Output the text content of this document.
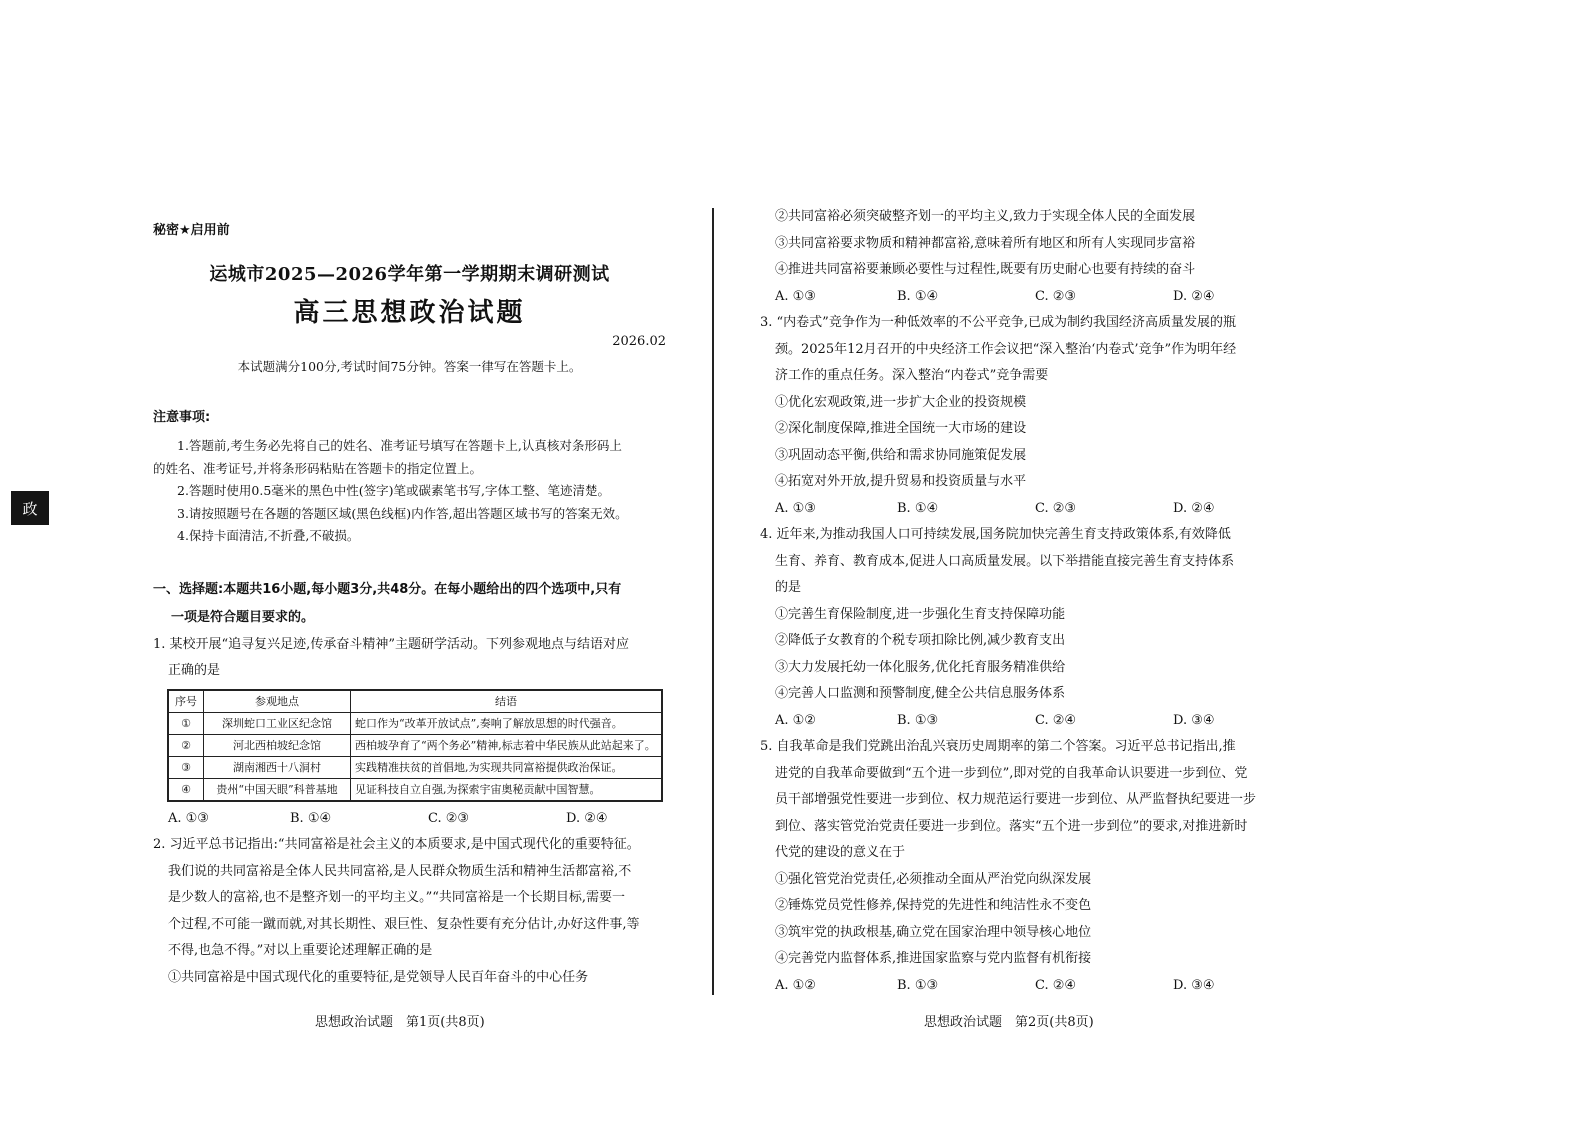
政
秘密★启用前
运城市2025—2026学年第一学期期末调研测试
高三思想政治试题
2026.02
本试题满分100分,考试时间75分钟。答案一律写在答题卡上。
注意事项:
1.答题前,考生务必先将自己的姓名、准考证号填写在答题卡上,认真核对条形码上
的姓名、准考证号,并将条形码粘贴在答题卡的指定位置上。
2.答题时使用0.5毫米的黑色中性(签字)笔或碳素笔书写,字体工整、笔迹清楚。
3.请按照题号在各题的答题区域(黑色线框)内作答,超出答题区域书写的答案无效。
4.保持卡面清洁,不折叠,不破损。
一、选择题:本题共16小题,每小题3分,共48分。在每小题给出的四个选项中,只有
一项是符合题目要求的。
1. 某校开展“追寻复兴足迹,传承奋斗精神”主题研学活动。下列参观地点与结语对应
正确的是
序号	参观地点	结语
①	深圳蛇口工业区纪念馆	蛇口作为“改革开放试点”,奏响了解放思想的时代强音。
②	河北西柏坡纪念馆	西柏坡孕育了“两个务必”精神,标志着中华民族从此站起来了。
③	湖南湘西十八洞村	实践精准扶贫的首倡地,为实现共同富裕提供政治保证。
④	贵州“中国天眼”科普基地	见证科技自立自强,为探索宇宙奥秘贡献中国智慧。
A. ①③	B. ①④	C. ②③	D. ②④
2. 习近平总书记指出:“共同富裕是社会主义的本质要求,是中国式现代化的重要特征。
我们说的共同富裕是全体人民共同富裕,是人民群众物质生活和精神生活都富裕,不
是少数人的富裕,也不是整齐划一的平均主义。”“共同富裕是一个长期目标,需要一
个过程,不可能一蹴而就,对其长期性、艰巨性、复杂性要有充分估计,办好这件事,等
不得,也急不得。”对以上重要论述理解正确的是
①共同富裕是中国式现代化的重要特征,是党领导人民百年奋斗的中心任务
②共同富裕必须突破整齐划一的平均主义,致力于实现全体人民的全面发展
③共同富裕要求物质和精神都富裕,意味着所有地区和所有人实现同步富裕
④推进共同富裕要兼顾必要性与过程性,既要有历史耐心也要有持续的奋斗
A. ①③	B. ①④	C. ②③	D. ②④
3. “内卷式”竞争作为一种低效率的不公平竞争,已成为制约我国经济高质量发展的瓶
颈。2025年12月召开的中央经济工作会议把“深入整治‘内卷式’竞争”作为明年经
济工作的重点任务。深入整治“内卷式”竞争需要
①优化宏观政策,进一步扩大企业的投资规模
②深化制度保障,推进全国统一大市场的建设
③巩固动态平衡,供给和需求协同施策促发展
④拓宽对外开放,提升贸易和投资质量与水平
A. ①③	B. ①④	C. ②③	D. ②④
4. 近年来,为推动我国人口可持续发展,国务院加快完善生育支持政策体系,有效降低
生育、养育、教育成本,促进人口高质量发展。以下举措能直接完善生育支持体系
的是
①完善生育保险制度,进一步强化生育支持保障功能
②降低子女教育的个税专项扣除比例,减少教育支出
③大力发展托幼一体化服务,优化托育服务精准供给
④完善人口监测和预警制度,健全公共信息服务体系
A. ①②	B. ①③	C. ②④	D. ③④
5. 自我革命是我们党跳出治乱兴衰历史周期率的第二个答案。习近平总书记指出,推
进党的自我革命要做到“五个进一步到位”,即对党的自我革命认识要进一步到位、党
员干部增强党性要进一步到位、权力规范运行要进一步到位、从严监督执纪要进一步
到位、落实管党治党责任要进一步到位。落实“五个进一步到位”的要求,对推进新时
代党的建设的意义在于
①强化管党治党责任,必须推动全面从严治党向纵深发展
②锤炼党员党性修养,保持党的先进性和纯洁性永不变色
③筑牢党的执政根基,确立党在国家治理中领导核心地位
④完善党内监督体系,推进国家监察与党内监督有机衔接
A. ①②	B. ①③	C. ②④	D. ③④
思想政治试题　第1页(共8页)	思想政治试题　第2页(共8页)
